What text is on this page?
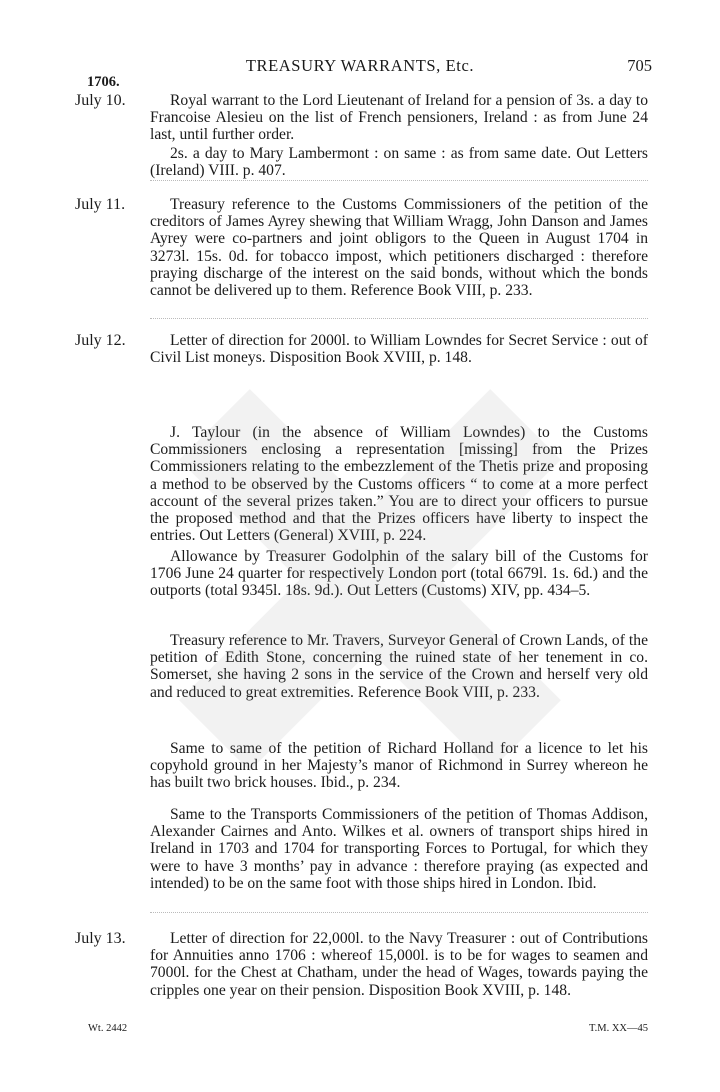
TREASURY WARRANTS, Etc.	705
1706.
July 10.	Royal warrant to the Lord Lieutenant of Ireland for a pension of 3s. a day to Francoise Alesieu on the list of French pensioners, Ireland : as from June 24 last, until further order.

2s. a day to Mary Lambermont : on same : as from same date. Out Letters (Ireland) VIII. p. 407.

July 11.	Treasury reference to the Customs Commissioners of the petition of the creditors of James Ayrey shewing that William Wragg, John Danson and James Ayrey were co-partners and joint obligors to the Queen in August 1704 in 3273l. 15s. 0d. for tobacco impost, which petitioners discharged : therefore praying discharge of the interest on the said bonds, without which the bonds cannot be delivered up to them. Reference Book VIII, p. 233.

July 12.	Letter of direction for 2000l. to William Lowndes for Secret Service : out of Civil List moneys. Disposition Book XVIII, p. 148.

J. Taylour (in the absence of William Lowndes) to the Customs Commissioners enclosing a representation [missing] from the Prizes Commissioners relating to the embezzlement of the Thetis prize and proposing a method to be observed by the Customs officers “ to come at a more perfect account of the several prizes taken.” You are to direct your officers to pursue the proposed method and that the Prizes officers have liberty to inspect the entries. Out Letters (General) XVIII, p. 224.

Allowance by Treasurer Godolphin of the salary bill of the Customs for 1706 June 24 quarter for respectively London port (total 6679l. 1s. 6d.) and the outports (total 9345l. 18s. 9d.). Out Letters (Customs) XIV, pp. 434–5.

Treasury reference to Mr. Travers, Surveyor General of Crown Lands, of the petition of Edith Stone, concerning the ruined state of her tenement in co. Somerset, she having 2 sons in the service of the Crown and herself very old and reduced to great extremities. Reference Book VIII, p. 233.

Same to same of the petition of Richard Holland for a licence to let his copyhold ground in her Majesty’s manor of Richmond in Surrey whereon he has built two brick houses. Ibid., p. 234.

Same to the Transports Commissioners of the petition of Thomas Addison, Alexander Cairnes and Anto. Wilkes et al. owners of transport ships hired in Ireland in 1703 and 1704 for transporting Forces to Portugal, for which they were to have 3 months’ pay in advance : therefore praying (as expected and intended) to be on the same foot with those ships hired in London. Ibid.

July 13.	Letter of direction for 22,000l. to the Navy Treasurer : out of Contributions for Annuities anno 1706 : whereof 15,000l. is to be for wages to seamen and 7000l. for the Chest at Chatham, under the head of Wages, towards paying the cripples one year on their pension. Disposition Book XVIII, p. 148.

Wt. 2442	T.M. XX—45
